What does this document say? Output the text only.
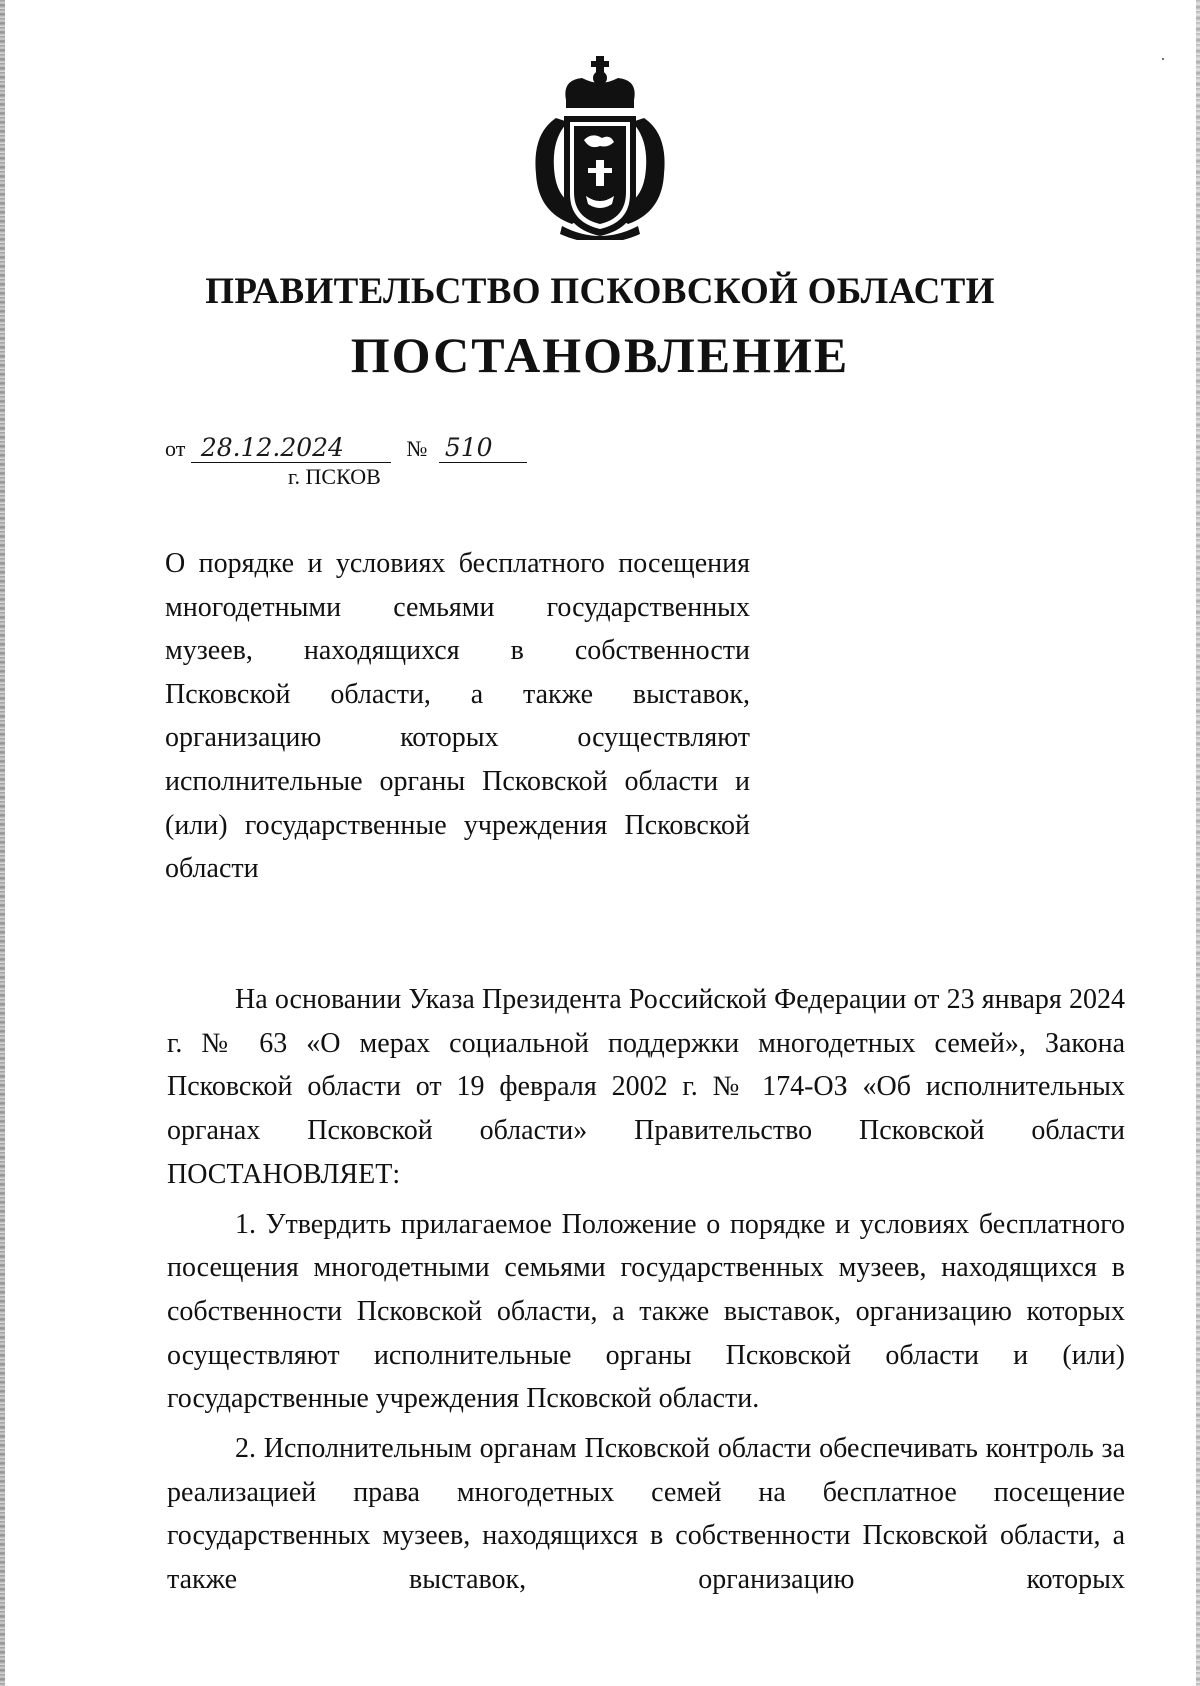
ПРАВИТЕЛЬСТВО ПСКОВСКОЙ ОБЛАСТИ
ПОСТАНОВЛЕНИЕ
от 28.12.2024	№ 510
г. ПСКОВ
О порядке и условиях бесплатного посещения многодетными семьями государственных музеев, находящихся в собственности Псковской области, а также выставок, организацию которых осуществляют исполнительные органы Псковской области и (или) государственные учреждения Псковской области

На основании Указа Президента Российской Федерации от 23 января 2024 г. № 63 «О мерах социальной поддержки многодетных семей», Закона Псковской области от 19 февраля 2002 г. № 174-ОЗ «Об исполнительных органах Псковской области» Правительство Псковской области ПОСТАНОВЛЯЕТ:

1. Утвердить прилагаемое Положение о порядке и условиях бесплатного посещения многодетными семьями государственных музеев, находящихся в собственности Псковской области, а также выставок, организацию которых осуществляют исполнительные органы Псковской области и (или) государственные учреждения Псковской области.

2. Исполнительным органам Псковской области обеспечивать контроль за реализацией права многодетных семей на бесплатное посещение государственных музеев, находящихся в собственности Псковской области, а также выставок, организацию которых
